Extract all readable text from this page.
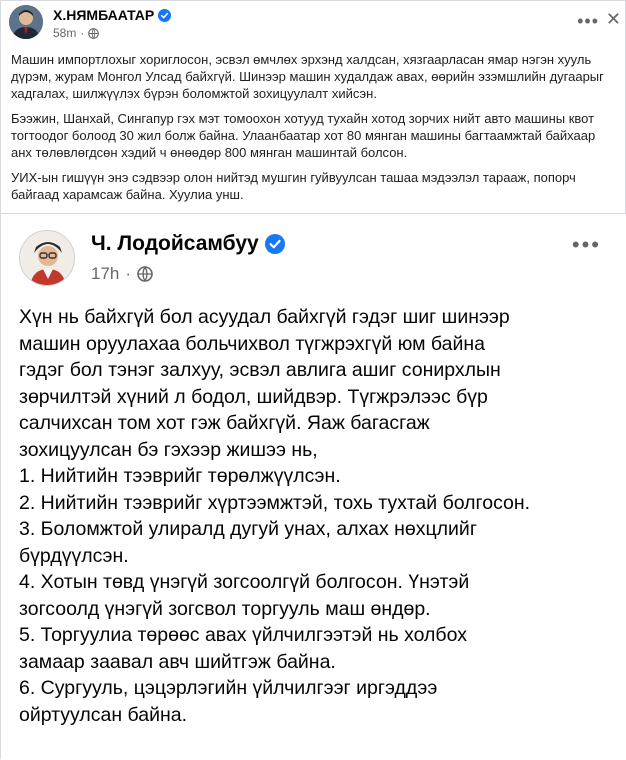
Х.НЯМБААТАР
58m ·
••• ✕

Машин импортлохыг хориглосон, эсвэл өмчлөх эрхэнд халдсан, хязгаарласан ямар нэгэн хууль дүрэм, журам Монгол Улсад байхгүй. Шинээр машин худалдаж авах, өөрийн эзэмшлийн дугаарыг хадгалах, шилжүүлэх бүрэн боломжтой зохицуулалт хийсэн.

Бээжин, Шанхай, Сингапур гэх мэт томоохон хотууд тухайн хотод зорчих нийт авто машины квот тогтоодог болоод 30 жил болж байна. Улаанбаатар хот 80 мянган машины багтаамжтай байхаар анх төлөвлөгдсөн хэдий ч өнөөдөр 800 мянган машинтай болсон.

УИХ-ын гишүүн энэ сэдвээр олон нийтэд мушгин гуйвуулсан ташаа мэдээлэл тарааж, попорч байгаад харамсаж байна. Хуулиа унш.

Ч. Лодойсамбуу
17h ·
•••
Хүн нь байхгүй бол асуудал байхгүй гэдэг шиг шинээр
машин оруулахаа больчихвол түгжрэхгүй юм байна
гэдэг бол тэнэг залхуу, эсвэл авлига ашиг сонирхлын
зөрчилтэй хүний л бодол, шийдвэр. Түгжрэлээс бүр
салчихсан том хот гэж байхгүй. Яаж багасгаж
зохицуулсан бэ гэхээр жишээ нь,
1. Нийтийн тээврийг төрөлжүүлсэн.
2. Нийтийн тээврийг хүртээмжтэй, тохь тухтай болгосон.
3. Боломжтой улиралд дугуй унах, алхах нөхцлийг
бүрдүүлсэн.
4. Хотын төвд үнэгүй зогсоолгүй болгосон. Үнэтэй
зогсоолд үнэгүй зогсвол торгууль маш өндөр.
5. Торгуулиа төрөөс авах үйлчилгээтэй нь холбох
замаар заавал авч шийтгэж байна.
6. Сургууль, цэцэрлэгийн үйлчилгээг иргэддээ
ойртуулсан байна.
